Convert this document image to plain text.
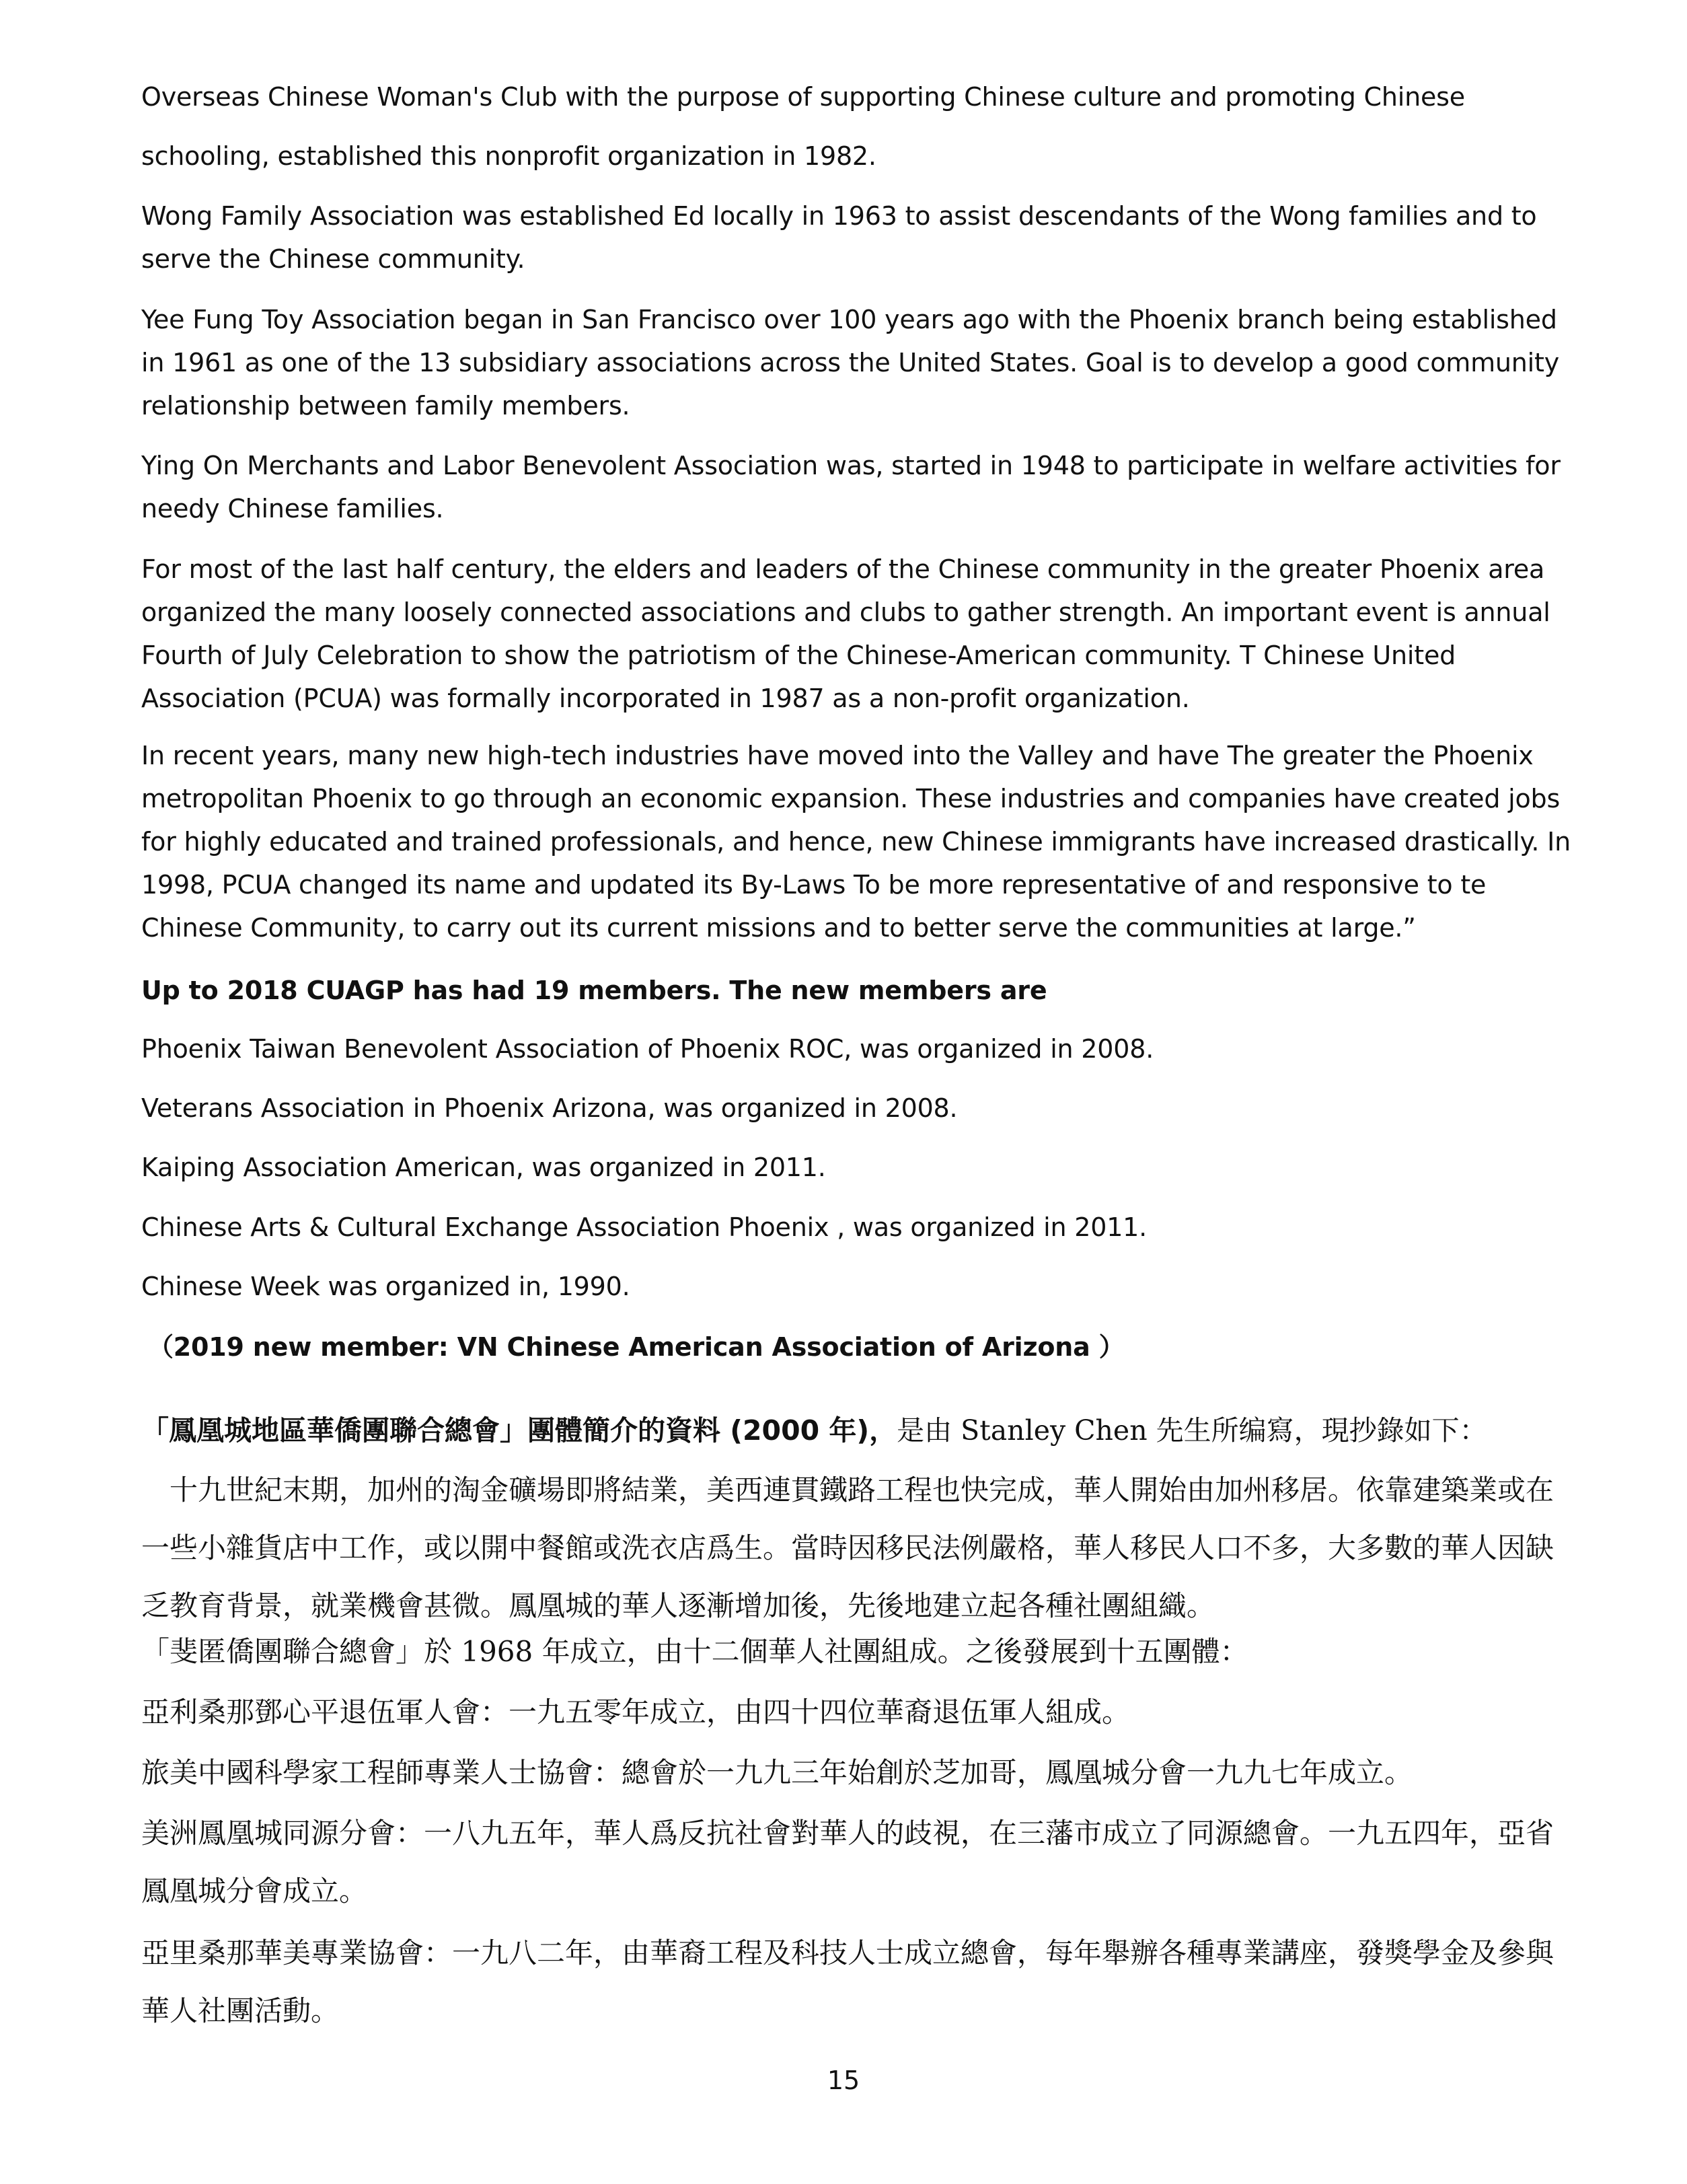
Overseas Chinese Woman's Club with the purpose of supporting Chinese culture and promoting Chinese

schooling, established this nonprofit organization in 1982.

Wong Family Association was established Ed locally in 1963 to assist descendants of the Wong families and to serve the Chinese community.

Yee Fung Toy Association began in San Francisco over 100 years ago with the Phoenix branch being established in 1961 as one of the 13 subsidiary associations across the United States. Goal is to develop a good community relationship between family members.

Ying On Merchants and Labor Benevolent Association was, started in 1948 to participate in welfare activities for needy Chinese families.

For most of the last half century, the elders and leaders of the Chinese community in the greater Phoenix area organized the many loosely connected associations and clubs to gather strength. An important event is annual Fourth of July Celebration to show the patriotism of the Chinese-American community. T Chinese United Association (PCUA) was formally incorporated in 1987 as a non-profit organization.

In recent years, many new high-tech industries have moved into the Valley and have The greater the Phoenix metropolitan Phoenix to go through an economic expansion. These industries and companies have created jobs for highly educated and trained professionals, and hence, new Chinese immigrants have increased drastically. In 1998, PCUA changed its name and updated its By-Laws To be more representative of and responsive to te Chinese Community, to carry out its current missions and to better serve the communities at large.”

Up to 2018 CUAGP has had 19 members. The new members are

Phoenix Taiwan Benevolent Association of Phoenix ROC, was organized in 2008.

Veterans Association in Phoenix Arizona, was organized in 2008.

Kaiping Association American, was organized in 2011.

Chinese Arts & Cultural Exchange Association Phoenix , was organized in 2011.

Chinese Week was organized in, 1990.

（2019 new member: VN Chinese American Association of Arizona ）

「鳳凰城地區華僑團聯合總會」團體簡介的資料 (2000 年)，是由 Stanley Chen 先生所编寫，現抄錄如下：

　十九世紀末期，加州的淘金礦場即將結業，美西連貫鐵路工程也快完成，華人開始由加州移居。依靠建築業或在一些小雜貨店中工作，或以開中餐館或洗衣店爲生。當時因移民法例嚴格，華人移民人口不多，大多數的華人因缺乏教育背景，就業機會甚微。鳳凰城的華人逐漸增加後，先後地建立起各種社團組織。

「斐匿僑團聯合總會」於 1968 年成立，由十二個華人社團組成。之後發展到十五團體：

亞利桑那鄧心平退伍軍人會：一九五零年成立，由四十四位華裔退伍軍人組成。

旅美中國科學家工程師專業人士協會：總會於一九九三年始創於芝加哥，鳳凰城分會一九九七年成立。

美洲鳳凰城同源分會：一八九五年，華人爲反抗社會對華人的歧視，在三藩市成立了同源總會。一九五四年，亞省鳳凰城分會成立。

亞里桑那華美專業協會：一九八二年，由華裔工程及科技人士成立總會，每年舉辦各種專業講座，發獎學金及參與華人社團活動。

15
